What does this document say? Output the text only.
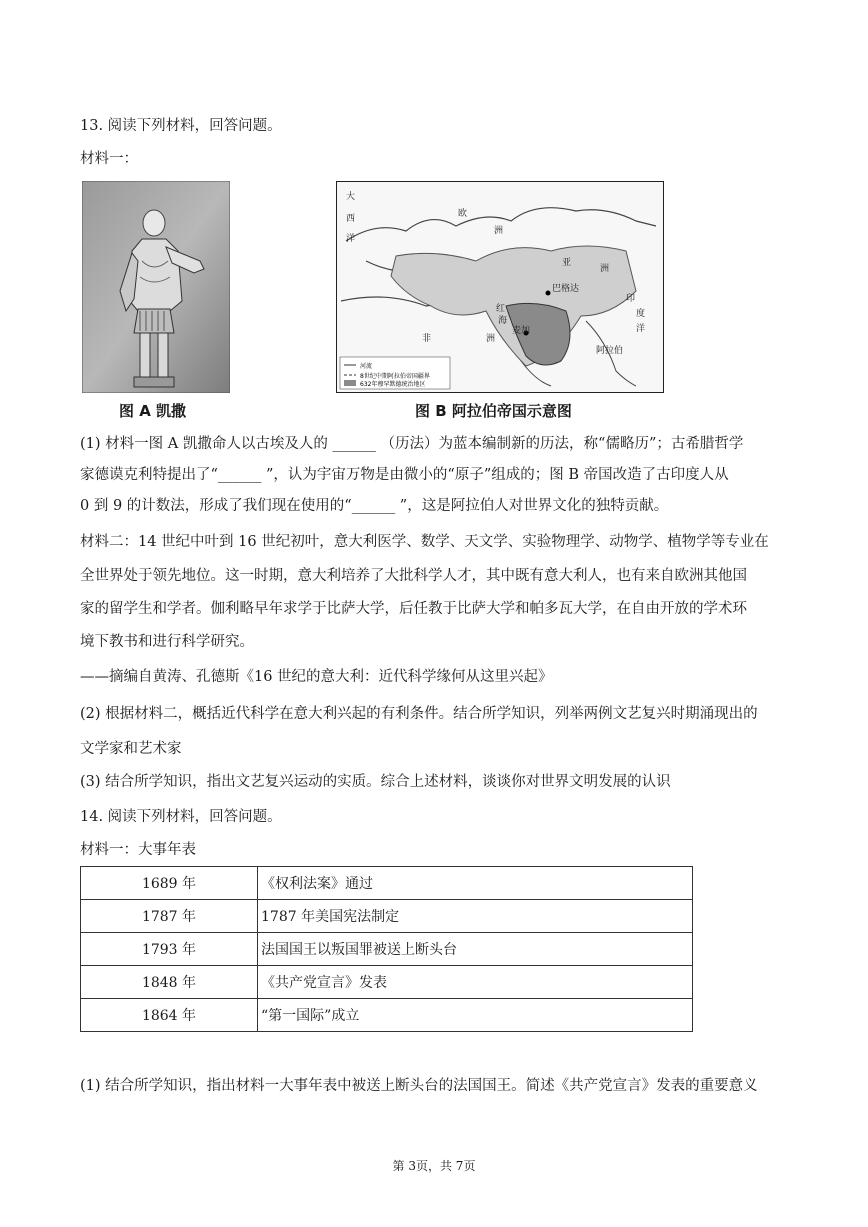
13. 阅读下列材料，回答问题。
材料一：
图 A 凯撒
大
西
洋
欧
洲
亚
洲
巴格达
麦加
红
海
非	洲
阿拉伯
印
度
洋
河流
8世纪中期阿拉伯帝国疆界
632年穆罕默德统治地区
图 B 阿拉伯帝国示意图
(1) 材料一图 A 凯撒命人以古埃及人的 ______ （历法）为蓝本编制新的历法，称“儒略历”；古希腊哲学
家德谟克利特提出了“______ ”，认为宇宙万物是由微小的“原子”组成的；图 B 帝国改造了古印度人从
0 到 9 的计数法，形成了我们现在使用的“______ ”，这是阿拉伯人对世界文化的独特贡献。
材料二：14 世纪中叶到 16 世纪初叶，意大利医学、数学、天文学、实验物理学、动物学、植物学等专业在
全世界处于领先地位。这一时期，意大利培养了大批科学人才，其中既有意大利人，也有来自欧洲其他国
家的留学生和学者。伽利略早年求学于比萨大学，后任教于比萨大学和帕多瓦大学，在自由开放的学术环
境下教书和进行科学研究。
——摘编自黄涛、孔德斯《16 世纪的意大利：近代科学缘何从这里兴起》
(2) 根据材料二，概括近代科学在意大利兴起的有利条件。结合所学知识，列举两例文艺复兴时期涌现出的
文学家和艺术家
(3) 结合所学知识，指出文艺复兴运动的实质。综合上述材料，谈谈你对世界文明发展的认识
14. 阅读下列材料，回答问题。
材料一：大事年表
1689 年	《权利法案》通过
1787 年	1787 年美国宪法制定
1793 年	法国国王以叛国罪被送上断头台
1848 年	《共产党宣言》发表
1864 年	“第一国际”成立
(1) 结合所学知识，指出材料一大事年表中被送上断头台的法国国王。简述《共产党宣言》发表的重要意义
第 3页，共 7页
